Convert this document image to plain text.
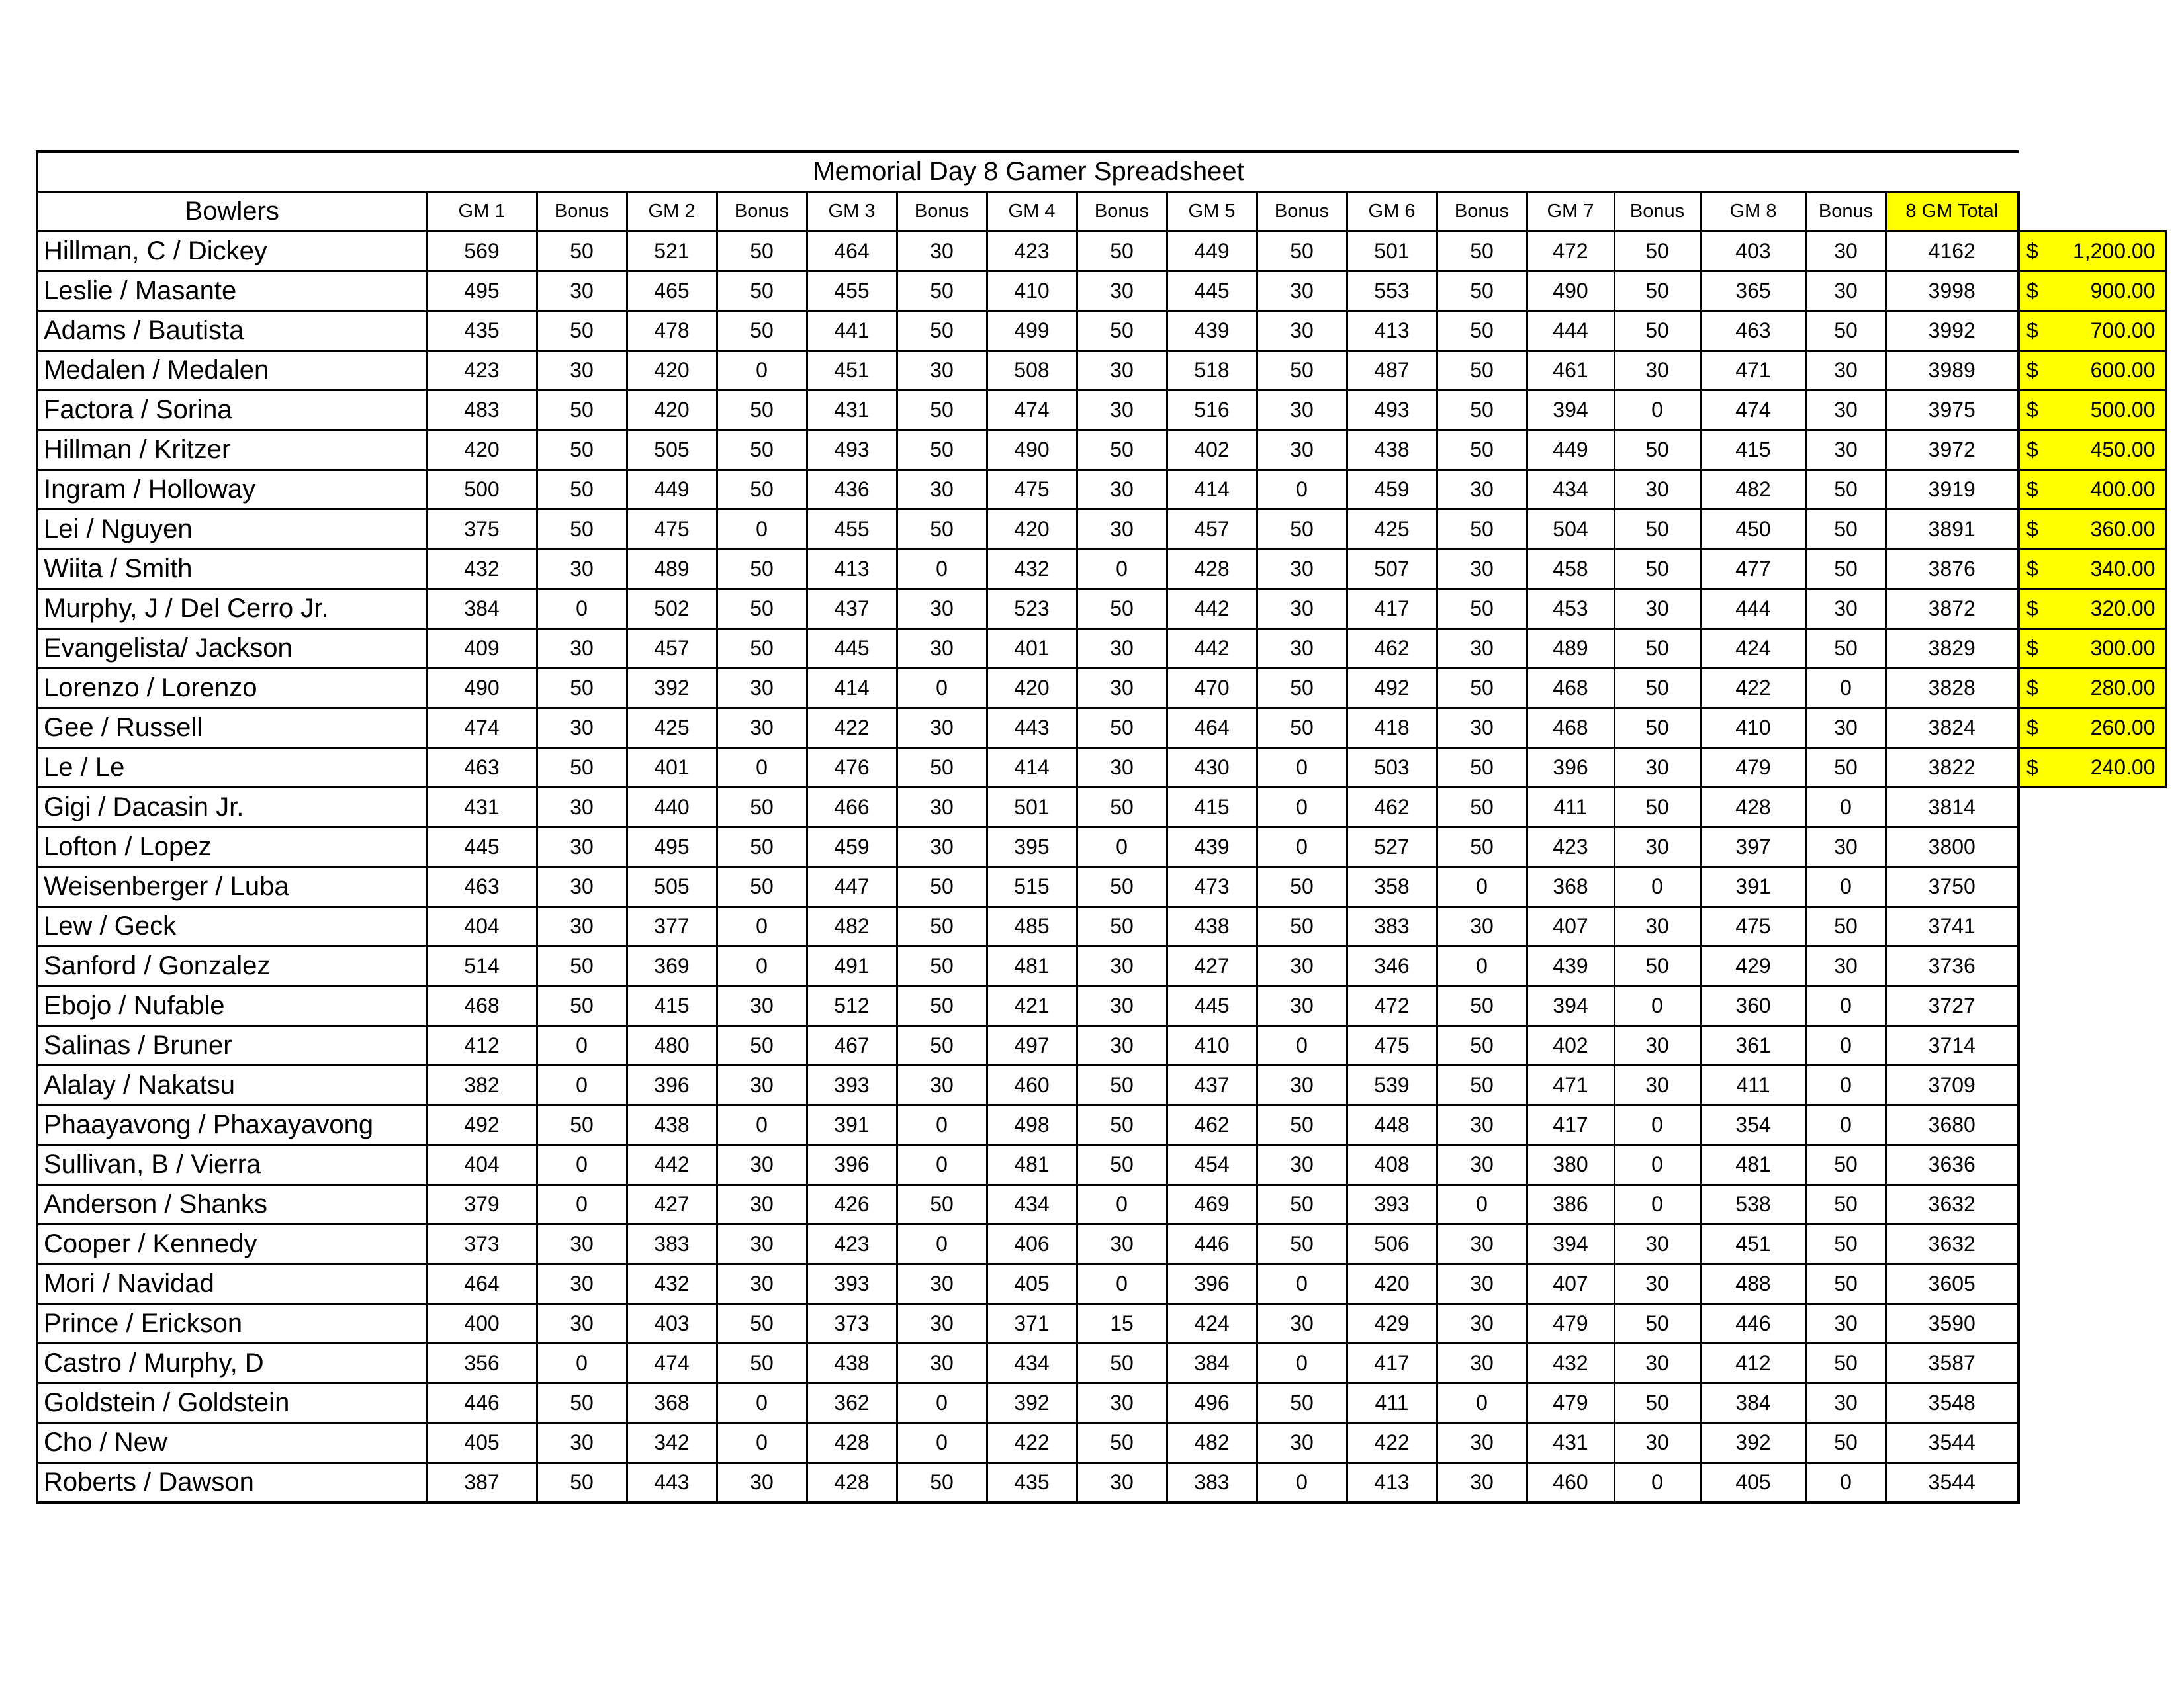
Memorial Day 8 Gamer Spreadsheet																		
Bowlers	GM 1	Bonus	GM 2	Bonus	GM 3	Bonus	GM 4	Bonus	GM 5	Bonus	GM 6	Bonus	GM 7	Bonus	GM 8	Bonus	8 GM Total	
Hillman, C / Dickey	569	50	521	50	464	30	423	50	449	50	501	50	472	50	403	30	4162	$ 1,200.00

Leslie / Masante	495	30	465	50	455	50	410	30	445	30	553	50	490	50	365	30	3998	$ 900.00

Adams / Bautista	435	50	478	50	441	50	499	50	439	30	413	50	444	50	463	50	3992	$ 700.00

Medalen / Medalen	423	30	420	0	451	30	508	30	518	50	487	50	461	30	471	30	3989	$ 600.00

Factora / Sorina	483	50	420	50	431	50	474	30	516	30	493	50	394	0	474	30	3975	$ 500.00

Hillman / Kritzer	420	50	505	50	493	50	490	50	402	30	438	50	449	50	415	30	3972	$ 450.00

Ingram / Holloway	500	50	449	50	436	30	475	30	414	0	459	30	434	30	482	50	3919	$ 400.00

Lei / Nguyen	375	50	475	0	455	50	420	30	457	50	425	50	504	50	450	50	3891	$ 360.00

Wiita / Smith	432	30	489	50	413	0	432	0	428	30	507	30	458	50	477	50	3876	$ 340.00

Murphy, J / Del Cerro Jr.	384	0	502	50	437	30	523	50	442	30	417	50	453	30	444	30	3872	$ 320.00

Evangelista/ Jackson	409	30	457	50	445	30	401	30	442	30	462	30	489	50	424	50	3829	$ 300.00

Lorenzo / Lorenzo	490	50	392	30	414	0	420	30	470	50	492	50	468	50	422	0	3828	$ 280.00

Gee / Russell	474	30	425	30	422	30	443	50	464	50	418	30	468	50	410	30	3824	$ 260.00

Le / Le	463	50	401	0	476	50	414	30	430	0	503	50	396	30	479	50	3822	$ 240.00

Gigi / Dacasin Jr.	431	30	440	50	466	30	501	50	415	0	462	50	411	50	428	0	3814	
Lofton / Lopez	445	30	495	50	459	30	395	0	439	0	527	50	423	30	397	30	3800	
Weisenberger / Luba	463	30	505	50	447	50	515	50	473	50	358	0	368	0	391	0	3750	
Lew / Geck	404	30	377	0	482	50	485	50	438	50	383	30	407	30	475	50	3741	
Sanford / Gonzalez	514	50	369	0	491	50	481	30	427	30	346	0	439	50	429	30	3736	
Ebojo / Nufable	468	50	415	30	512	50	421	30	445	30	472	50	394	0	360	0	3727	
Salinas / Bruner	412	0	480	50	467	50	497	30	410	0	475	50	402	30	361	0	3714	
Alalay / Nakatsu	382	0	396	30	393	30	460	50	437	30	539	50	471	30	411	0	3709	
Phaayavong / Phaxayavong	492	50	438	0	391	0	498	50	462	50	448	30	417	0	354	0	3680	
Sullivan, B / Vierra	404	0	442	30	396	0	481	50	454	30	408	30	380	0	481	50	3636	
Anderson / Shanks	379	0	427	30	426	50	434	0	469	50	393	0	386	0	538	50	3632	
Cooper / Kennedy	373	30	383	30	423	0	406	30	446	50	506	30	394	30	451	50	3632	
Mori / Navidad	464	30	432	30	393	30	405	0	396	0	420	30	407	30	488	50	3605	
Prince / Erickson	400	30	403	50	373	30	371	15	424	30	429	30	479	50	446	30	3590	
Castro / Murphy, D	356	0	474	50	438	30	434	50	384	0	417	30	432	30	412	50	3587	
Goldstein / Goldstein	446	50	368	0	362	0	392	30	496	50	411	0	479	50	384	30	3548	
Cho / New	405	30	342	0	428	0	422	50	482	30	422	30	431	30	392	50	3544	
Roberts / Dawson	387	50	443	30	428	50	435	30	383	0	413	30	460	0	405	0	3544	
